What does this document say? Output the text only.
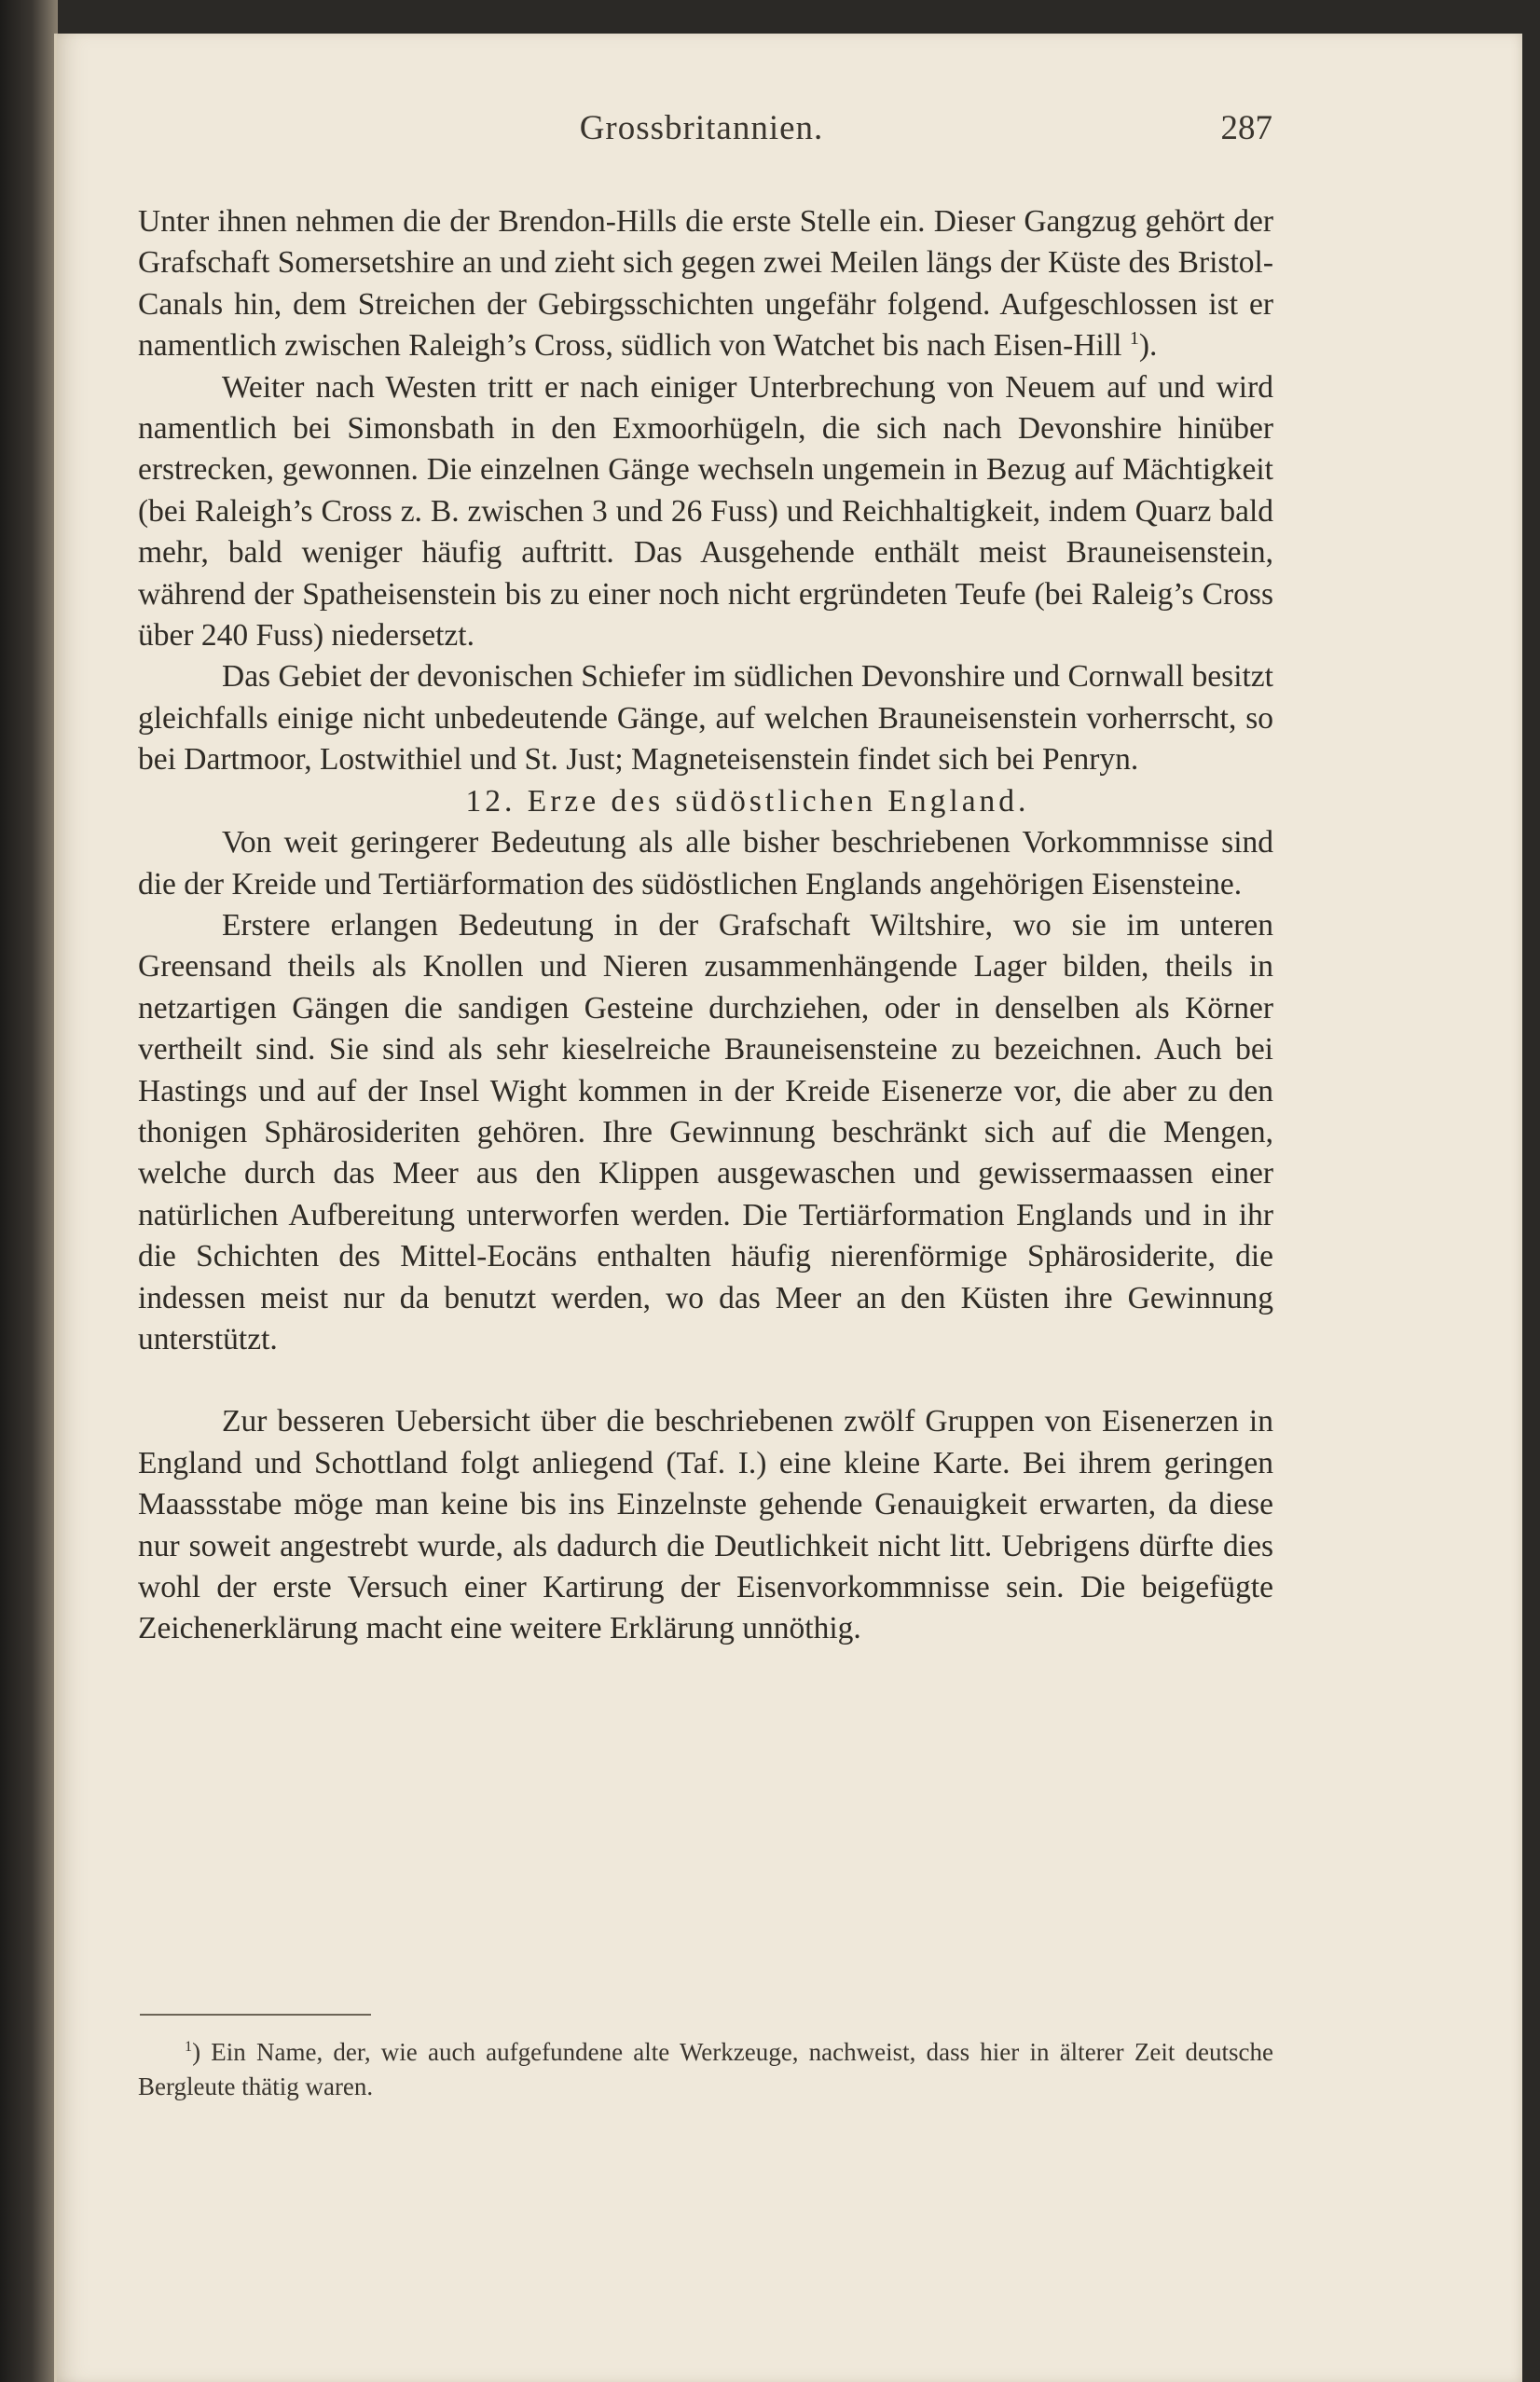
Grossbritannien.	287

Unter ihnen nehmen die der Brendon-Hills die erste Stelle ein. Dieser Gangzug gehört der Grafschaft Somersetshire an und zieht sich gegen zwei Meilen längs der Küste des Bristol-Canals hin, dem Streichen der Gebirgsschichten ungefähr folgend. Aufgeschlossen ist er namentlich zwischen Raleigh’s Cross, südlich von Watchet bis nach Eisen-Hill $^1$).

Weiter nach Westen tritt er nach einiger Unterbrechung von Neuem auf und wird namentlich bei Simonsbath in den Exmoorhügeln, die sich nach Devonshire hinüber erstrecken, gewonnen. Die einzelnen Gänge wechseln ungemein in Bezug auf Mächtigkeit (bei Raleigh’s Cross z. B. zwischen 3 und 26 Fuss) und Reichhaltigkeit, indem Quarz bald mehr, bald weniger häufig auftritt. Das Ausgehende enthält meist Brauneisenstein, während der Spatheisenstein bis zu einer noch nicht ergründeten Teufe (bei Raleig’s Cross über 240 Fuss) niedersetzt.

Das Gebiet der devonischen Schiefer im südlichen Devonshire und Cornwall besitzt gleichfalls einige nicht unbedeutende Gänge, auf welchen Brauneisenstein vorherrscht, so bei Dartmoor, Lostwithiel und St. Just; Magneteisenstein findet sich bei Penryn.

12. Erze des südöstlichen England.

Von weit geringerer Bedeutung als alle bisher beschriebenen Vorkommnisse sind die der Kreide und Tertiärformation des südöstlichen Englands angehörigen Eisensteine.

Erstere erlangen Bedeutung in der Grafschaft Wiltshire, wo sie im unteren Greensand theils als Knollen und Nieren zusammenhängende Lager bilden, theils in netzartigen Gängen die sandigen Gesteine durchziehen, oder in denselben als Körner vertheilt sind. Sie sind als sehr kieselreiche Brauneisensteine zu bezeichnen. Auch bei Hastings und auf der Insel Wight kommen in der Kreide Eisenerze vor, die aber zu den thonigen Sphärosideriten gehören. Ihre Gewinnung beschränkt sich auf die Mengen, welche durch das Meer aus den Klippen ausgewaschen und gewissermaassen einer natürlichen Aufbereitung unterworfen werden. Die Tertiärformation Englands und in ihr die Schichten des Mittel-Eocäns enthalten häufig nierenförmige Sphärosiderite, die indessen meist nur da benutzt werden, wo das Meer an den Küsten ihre Gewinnung unterstützt.

Zur besseren Uebersicht über die beschriebenen zwölf Gruppen von Eisenerzen in England und Schottland folgt anliegend (Taf. I.) eine kleine Karte. Bei ihrem geringen Maassstabe möge man keine bis ins Einzelnste gehende Genauigkeit erwarten, da diese nur soweit angestrebt wurde, als dadurch die Deutlichkeit nicht litt. Uebrigens dürfte dies wohl der erste Versuch einer Kartirung der Eisenvorkommnisse sein. Die beigefügte Zeichenerklärung macht eine weitere Erklärung unnöthig.

$^1$) Ein Name, der, wie auch aufgefundene alte Werkzeuge, nachweist, dass hier in älterer Zeit deutsche Bergleute thätig waren.
